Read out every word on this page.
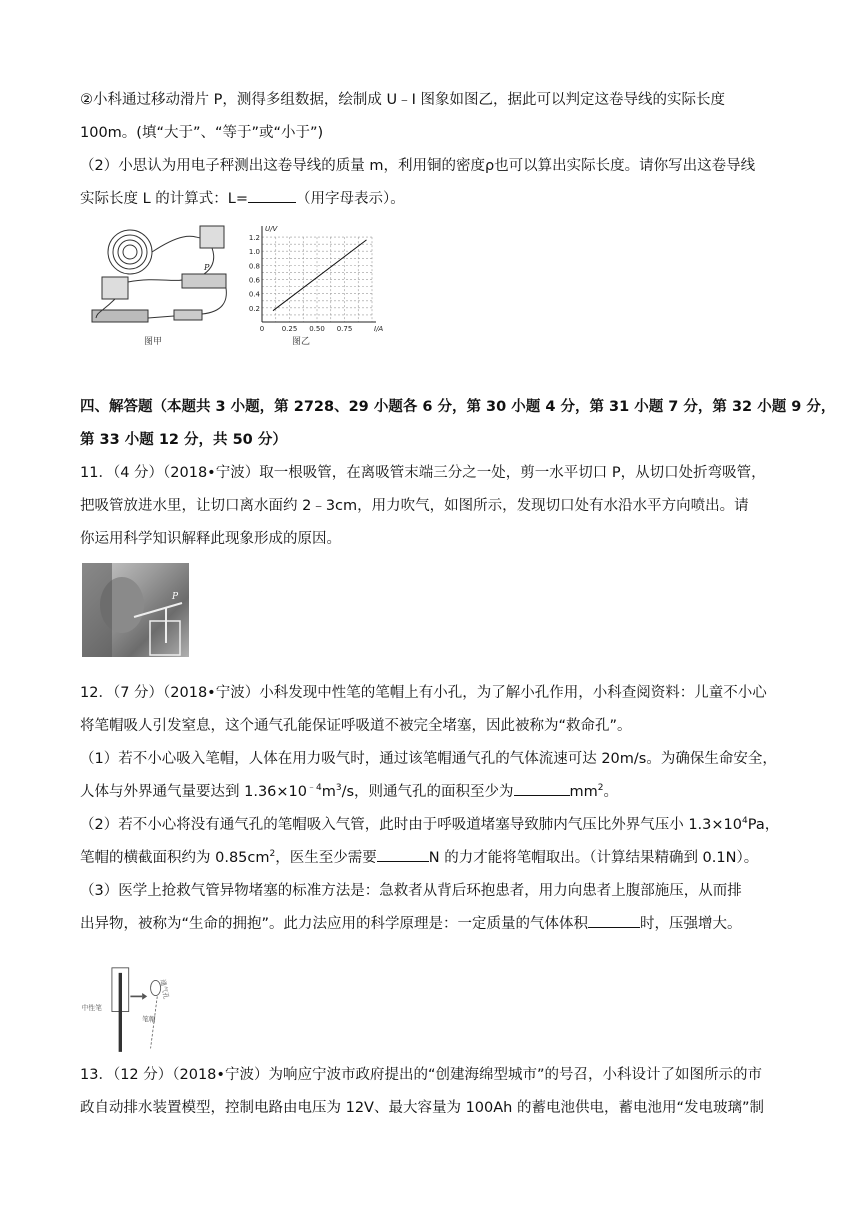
②小科通过移动滑片 P，测得多组数据，绘制成 U﹣I 图象如图乙，据此可以判定这卷导线的实际长度
100m。(填“大于”、“等于”或“小于”)
（2）小思认为用电子秤测出这卷导线的质量 m，利用铜的密度ρ也可以算出实际长度。请你写出这卷导线
实际长度 L 的计算式：L=	（用字母表示）。
P
图甲
0.2
0.4
0.6
0.8
1.0
1.2
0 0.25 0.50 0.75
U/V
I/A
图乙
四、解答题（本题共 3 小题，第 2728、29 小题各 6 分，第 30 小题 4 分，第 31 小题 7 分，第 32 小题 9 分，
第 33 小题 12 分，共 50 分）
11．（4 分）（2018•宁波）取一根吸管，在离吸管末端三分之一处，剪一水平切口 P，从切口处折弯吸管，
把吸管放进水里，让切口离水面约 2﹣3cm，用力吹气，如图所示，发现切口处有水沿水平方向喷出。请
你运用科学知识解释此现象形成的原因。
P
12．（7 分）（2018•宁波）小科发现中性笔的笔帽上有小孔，为了解小孔作用，小科查阅资料：儿童不小心
将笔帽吸人引发窒息，这个通气孔能保证呼吸道不被完全堵塞，因此被称为“救命孔”。
（1）若不小心吸入笔帽，人体在用力吸气时，通过该笔帽通气孔的气体流速可达 20m/s。为确保生命安全，
人体与外界通气量要达到 $1.36\times 10^{﹣4}m^3/s$，则通气孔的面积至少为	$mm^2$。
（2）若不小心将没有通气孔的笔帽吸入气管，此时由于呼吸道堵塞导致肺内气压比外界气压小 $1.3\times 10^4Pa$，
笔帽的横截面积约为 $0.85cm^2$，医生至少需要	N 的力才能将笔帽取出。（计算结果精确到 0.1N）。
（3）医学上抢救气管异物堵塞的标准方法是：急救者从背后环抱患者，用力向患者上腹部施压，从而排
出异物，被称为“生命的拥抱”。此力法应用的科学原理是：一定质量的气体体积	时，压强增大。
通气孔
中性笔
笔帽
13．（12 分）（2018•宁波）为响应宁波市政府提出的“创建海绵型城市”的号召，小科设计了如图所示的市
政自动排水装置模型，控制电路由电压为 12V、最大容量为 100Ah 的蓄电池供电，蓄电池用“发电玻璃”制
